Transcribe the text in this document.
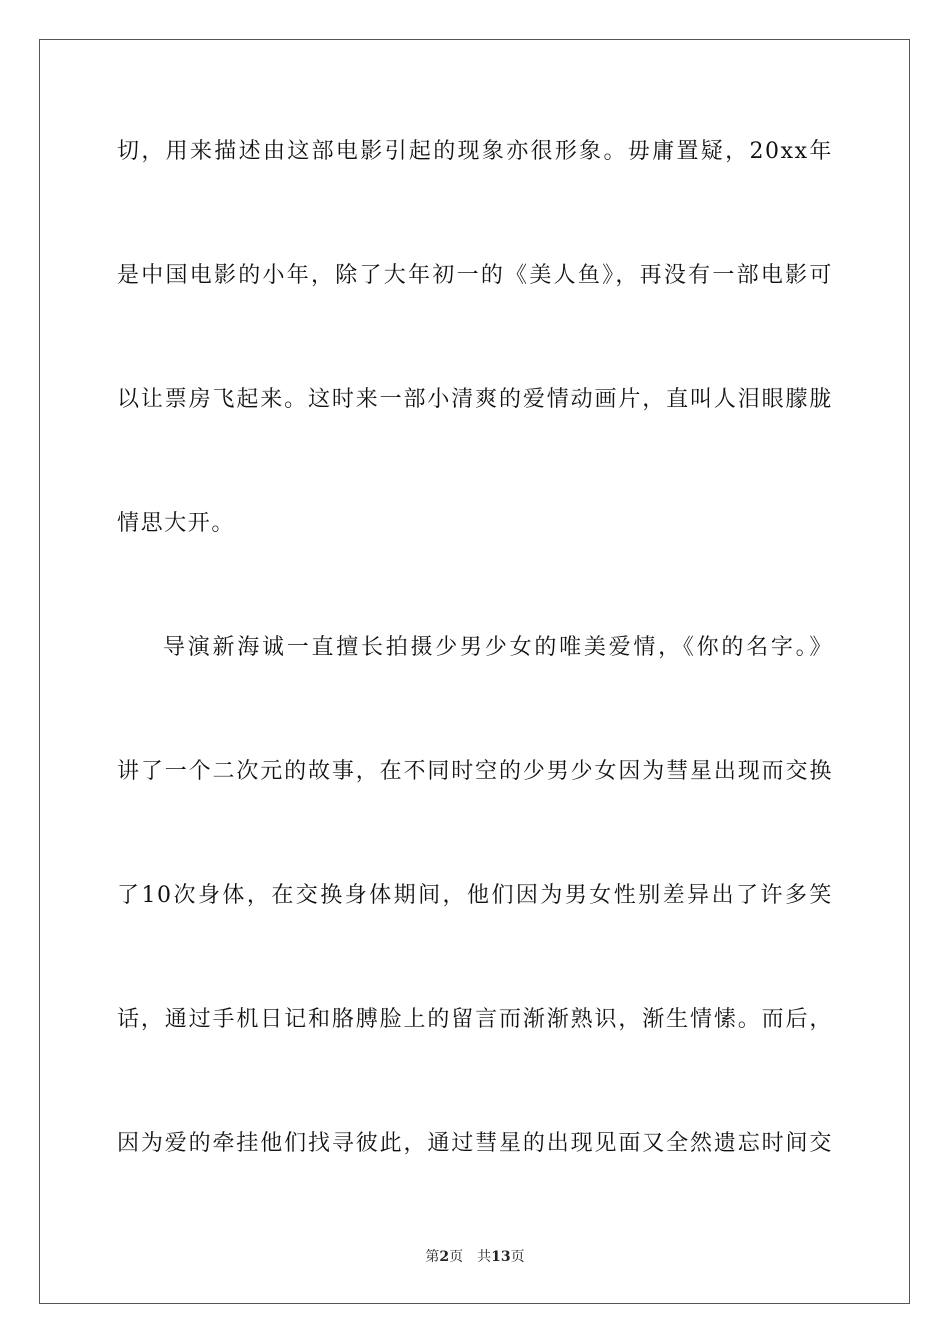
切，用来描述由这部电影引起的现象亦很形象。毋庸置疑，20xx年
是中国电影的小年，除了大年初一的《美人鱼》，再没有一部电影可
以让票房飞起来。这时来一部小清爽的爱情动画片，直叫人泪眼朦胧
情思大开。
导演新海诚一直擅长拍摄少男少女的唯美爱情，《你的名字。》
讲了一个二次元的故事，在不同时空的少男少女因为彗星出现而交换
了10次身体，在交换身体期间，他们因为男女性别差异出了许多笑
话，通过手机日记和胳膊脸上的留言而渐渐熟识，渐生情愫。而后，
因为爱的牵挂他们找寻彼此，通过彗星的出现见面又全然遗忘时间交
第2页 共13页
